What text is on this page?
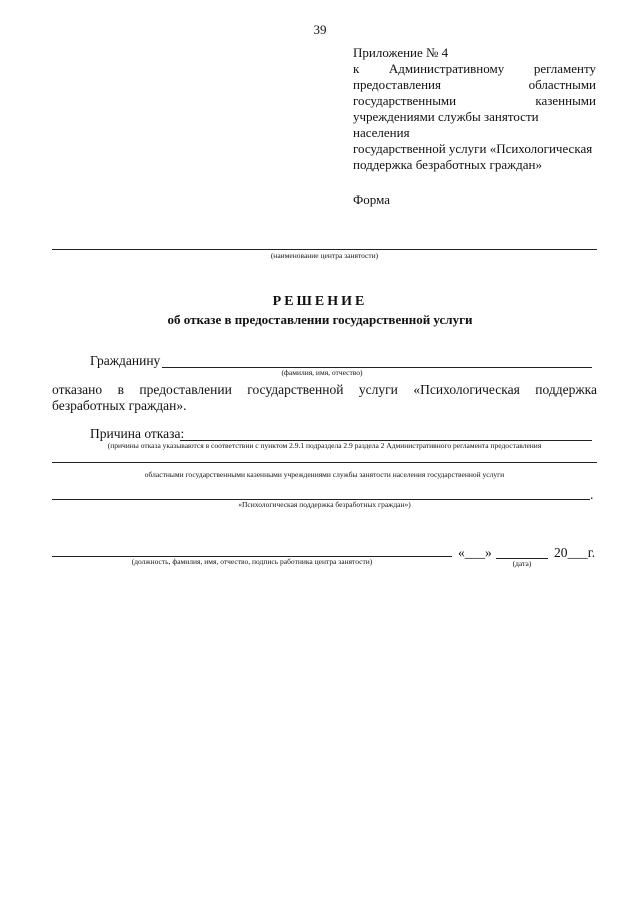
39
Приложение № 4
к Административному регламенту
предоставления	областными
государственными	казенными
учреждениями службы занятости населения
государственной услуги «Психологическая
поддержка безработных граждан»
Форма
(наименование центра занятости)
РЕШЕНИЕ
об отказе в предоставлении государственной услуги
Гражданину
(фамилия, имя, отчество)
отказано в предоставлении государственной услуги «Психологическая поддержка безработных граждан».
Причина отказа:
(причины отказа указываются в соответствии с пунктом 2.9.1 подраздела 2.9 раздела 2 Административного регламента предоставления
областными государственными казенными учреждениями службы занятости населения государственной услуги
.
«Психологическая поддержка безработных граждан»)
(должность, фамилия, имя, отчество, подпись работника центра занятости)
«___»
(дата)
20___г.
